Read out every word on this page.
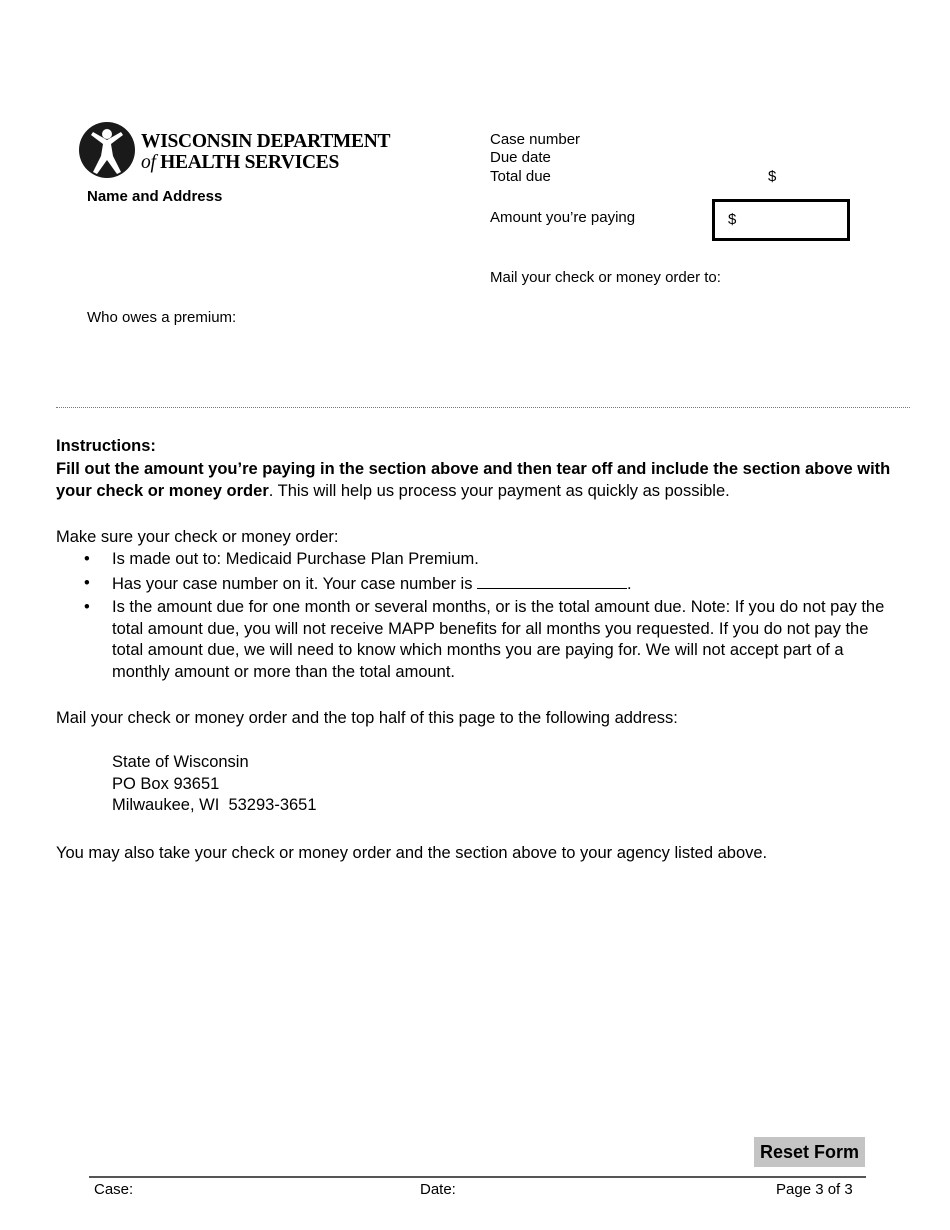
WISCONSIN DEPARTMENT
of HEALTH SERVICES
Name and Address
Case number
Due date
Total due	$
Amount you’re paying	$
Mail your check or money order to:
Who owes a premium:
Instructions:
Fill out the amount you’re paying in the section above and then tear off and include the section above with your check or money order. This will help us process your payment as quickly as possible.
Make sure your check or money order:
• Is made out to: Medicaid Purchase Plan Premium.
• Has your case number on it. Your case number is	.
• Is the amount due for one month or several months, or is the total amount due. Note: If you do not pay the total amount due, you will not receive MAPP benefits for all months you requested. If you do not pay the total amount due, we will need to know which months you are paying for. We will not accept part of a monthly amount or more than the total amount.
Mail your check or money order and the top half of this page to the following address:
State of Wisconsin
PO Box 93651
Milwaukee, WI  53293-3651
You may also take your check or money order and the section above to your agency listed above.
Reset Form
Case:	Date:	Page 3 of 3
